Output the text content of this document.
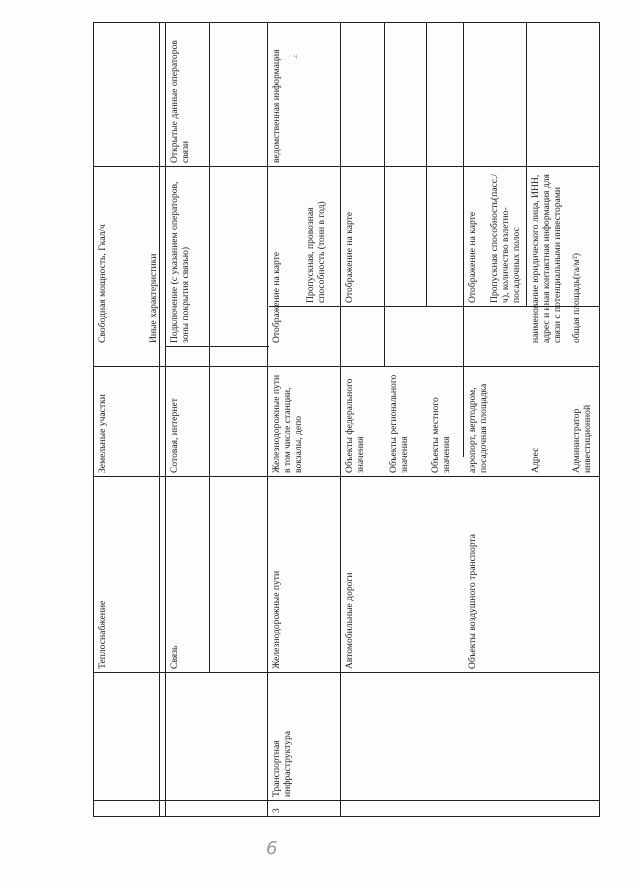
Теплоснабжение
Земельные участки
Свободная мощность, Гкал/ч	Иные характеристики
Связь
Сотовая, интернет
Подключение (с указанием операторов, зоны покрытия связью)
Открытые данные операторов связи
3
Транспортная инфраструктура
Железнодорожные пути
Железнодорожные пути в том числе станции, вокзалы, депо
Отображение на карте Пропускная, провозная способность (тонн в год)
ведомственная информация
Автомобильные дороги
Объекты федерального значения Объекты регионального значения Объекты местного значения
Отображение на карте
Объекты воздушного транспорта
аэропорт, вертодром, посадочная площадка
Отображение на карте Пропускная способность(пасс./ч), количество взлетно-посадочных полос
Адрес
наименование юридического лица, ИНН, адрес и иная контактная информация для связи с потенциальными инвесторами
Администратор инвестиционной
общая площадь(га/м²)
· ч
6
